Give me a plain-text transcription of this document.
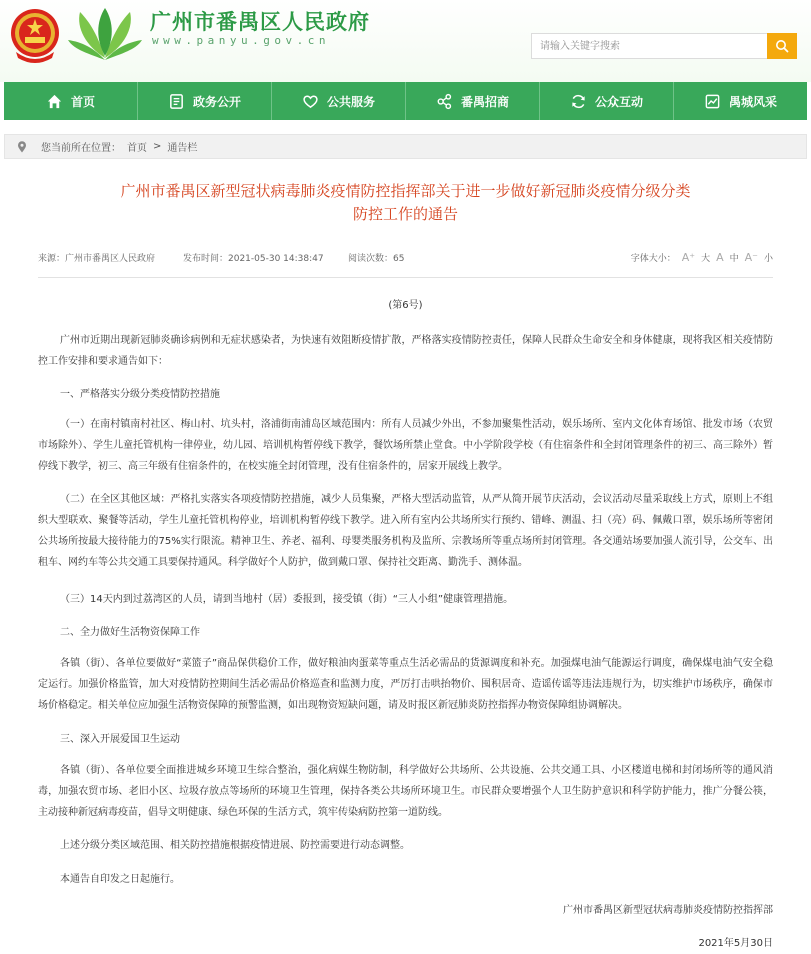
广州市番禺区人民政府
www.panyu.gov.cn
请输入关键字搜索
首页	政务公开	公共服务	番禺招商	公众互动	禺城风采
您当前所在位置： 首页 > 通告栏
广州市番禺区新型冠状病毒肺炎疫情防控指挥部关于进一步做好新冠肺炎疫情分级分类
防控工作的通告
来源：广州市番禺区人民政府	发布时间：2021-05-30 14:38:47	阅读次数：65	字体大小： A⁺ 大 A 中 A⁻ 小
(第6号)
广州市近期出现新冠肺炎确诊病例和无症状感染者，为快速有效阻断疫情扩散，严格落实疫情防控责任，保障人民群众生命安全和身体健康，现将我区相关疫情防控工作安排和要求通告如下：
一、严格落实分级分类疫情防控措施
（一）在南村镇南村社区、梅山村、坑头村，洛浦街南浦岛区域范围内：所有人员减少外出，不参加聚集性活动，娱乐场所、室内文化体育场馆、批发市场（农贸市场除外）、学生儿童托管机构一律停业，幼儿园、培训机构暂停线下教学，餐饮场所禁止堂食。中小学阶段学校（有住宿条件和全封闭管理条件的初三、高三除外）暂停线下教学，初三、高三年级有住宿条件的，在校实施全封闭管理，没有住宿条件的，居家开展线上教学。
（二）在全区其他区域：严格扎实落实各项疫情防控措施，减少人员集聚，严格大型活动监管，从严从简开展节庆活动，会议活动尽量采取线上方式，原则上不组织大型联欢、聚餐等活动，学生儿童托管机构停业，培训机构暂停线下教学。进入所有室内公共场所实行预约、错峰、测温、扫（亮）码、佩戴口罩，娱乐场所等密闭公共场所按最大接待能力的75%实行限流。精神卫生、养老、福利、母婴类服务机构及监所、宗教场所等重点场所封闭管理。各交通站场要加强人流引导，公交车、出租车、网约车等公共交通工具要保持通风。科学做好个人防护，做到戴口罩、保持社交距离、勤洗手、测体温。
（三）14天内到过荔湾区的人员，请到当地村（居）委报到，接受镇（街）“三人小组”健康管理措施。
二、全力做好生活物资保障工作
各镇（街）、各单位要做好“菜篮子”商品保供稳价工作，做好粮油肉蛋菜等重点生活必需品的货源调度和补充。加强煤电油气能源运行调度，确保煤电油气安全稳定运行。加强价格监管，加大对疫情防控期间生活必需品价格巡查和监测力度，严厉打击哄抬物价、囤积居奇、造谣传谣等违法违规行为，切实维护市场秩序，确保市场价格稳定。相关单位应加强生活物资保障的预警监测，如出现物资短缺问题，请及时报区新冠肺炎防控指挥办物资保障组协调解决。
三、深入开展爱国卫生运动
各镇（街）、各单位要全面推进城乡环境卫生综合整治，强化病媒生物防制，科学做好公共场所、公共设施、公共交通工具、小区楼道电梯和封闭场所等的通风消毒，加强农贸市场、老旧小区、垃圾存放点等场所的环境卫生管理，保持各类公共场所环境卫生。市民群众要增强个人卫生防护意识和科学防护能力，推广分餐公筷，主动接种新冠病毒疫苗，倡导文明健康、绿色环保的生活方式，筑牢传染病防控第一道防线。
上述分级分类区域范围、相关防控措施根据疫情进展、防控需要进行动态调整。
本通告自印发之日起施行。
广州市番禺区新型冠状病毒肺炎疫情防控指挥部
2021年5月30日
